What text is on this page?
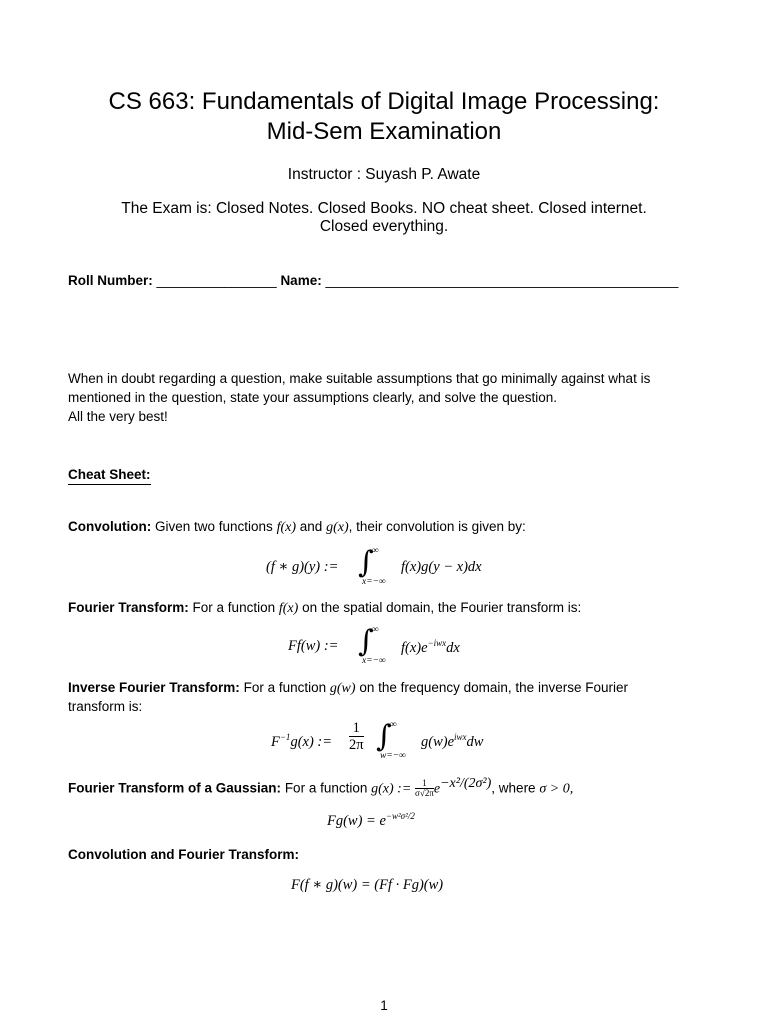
CS 663: Fundamentals of Digital Image Processing:
Mid-Sem Examination
Instructor : Suyash P. Awate
The Exam is: Closed Notes. Closed Books. NO cheat sheet. Closed internet.
Closed everything.
Roll Number: ________________ Name: _______________________________________________
When in doubt regarding a question, make suitable assumptions that go minimally against what is
mentioned in the question, state your assumptions clearly, and solve the question.
All the very best!
Cheat Sheet:
Convolution: Given two functions f(x) and g(x), their convolution is given by:
(f ∗ g)(y) := ∫
∞
x=−∞
f(x)g(y − x)dx
Fourier Transform: For a function f(x) on the spatial domain, the Fourier transform is:
Ff(w) := ∫
∞
x=−∞
$f(x)e^{-iwx}dx$
Inverse Fourier Transform: For a function g(w) on the frequency domain, the inverse Fourier
transform is:
$F^{-1}g(x)$ := $\frac{1}{2\pi}$ ∫
∞
w=−∞
$g(w)e^{iwx}dw$
Fourier Transform of a Gaussian: For a function g(x) := $\frac{1}{\sigma√2\pi} e^{-x^2/(2\sigma^2)}$, where σ > 0,
$Fg(w) = e^{-w^2\sigma^2/2}$
Convolution and Fourier Transform:
F(f ∗ g)(w) = (Ff · Fg)(w)
1
